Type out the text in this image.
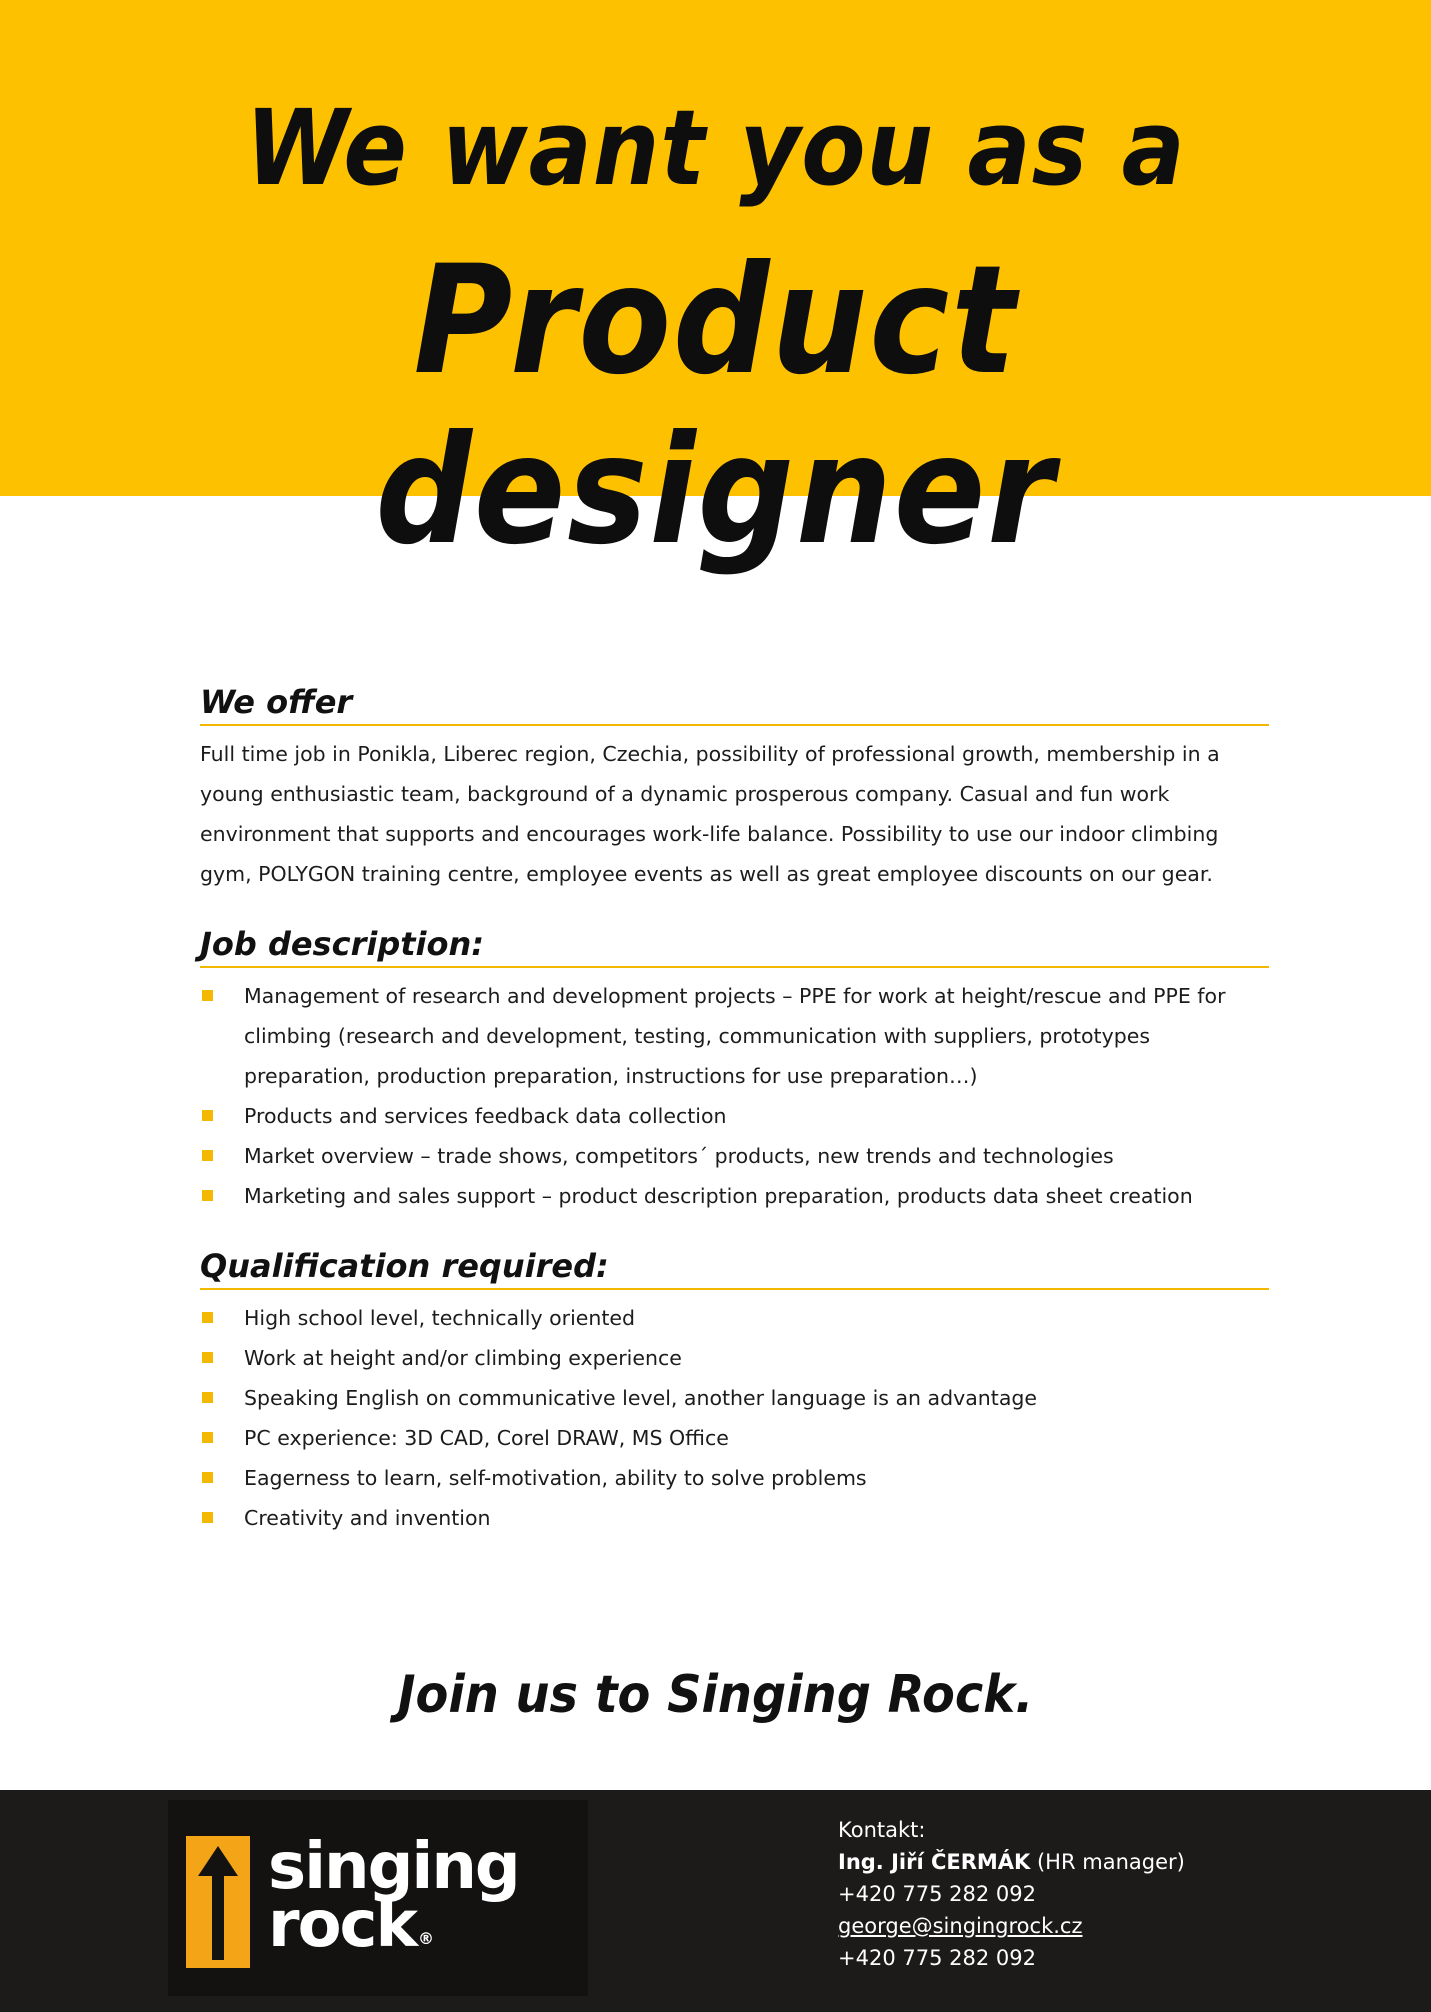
We want you as a
Product designer
We offer
Full time job in Ponikla, Liberec region, Czechia, possibility of professional growth, membership in a young enthusiastic team, background of a dynamic prosperous company. Casual and fun work environment that supports and encourages work-life balance. Possibility to use our indoor climbing gym, POLYGON training centre, employee events as well as great employee discounts on our gear.
Job description:
Management of research and development projects – PPE for work at height/rescue and PPE for climbing (research and development, testing, communication with suppliers, prototypes preparation, production preparation, instructions for use preparation…)
Products and services feedback data collection
Market overview – trade shows, competitors´ products, new trends and technologies
Marketing and sales support – product description preparation, products data sheet creation
Qualification required:
High school level, technically oriented
Work at height and/or climbing experience
Speaking English on communicative level, another language is an advantage
PC experience: 3D CAD, Corel DRAW, MS Office
Eagerness to learn, self-motivation, ability to solve problems
Creativity and invention
Join us to Singing Rock.
singing
rock ®
Kontakt:
Ing. Jiří ČERMÁK (HR manager)
+420 775 282 092
george@singingrock.cz
+420 775 282 092
